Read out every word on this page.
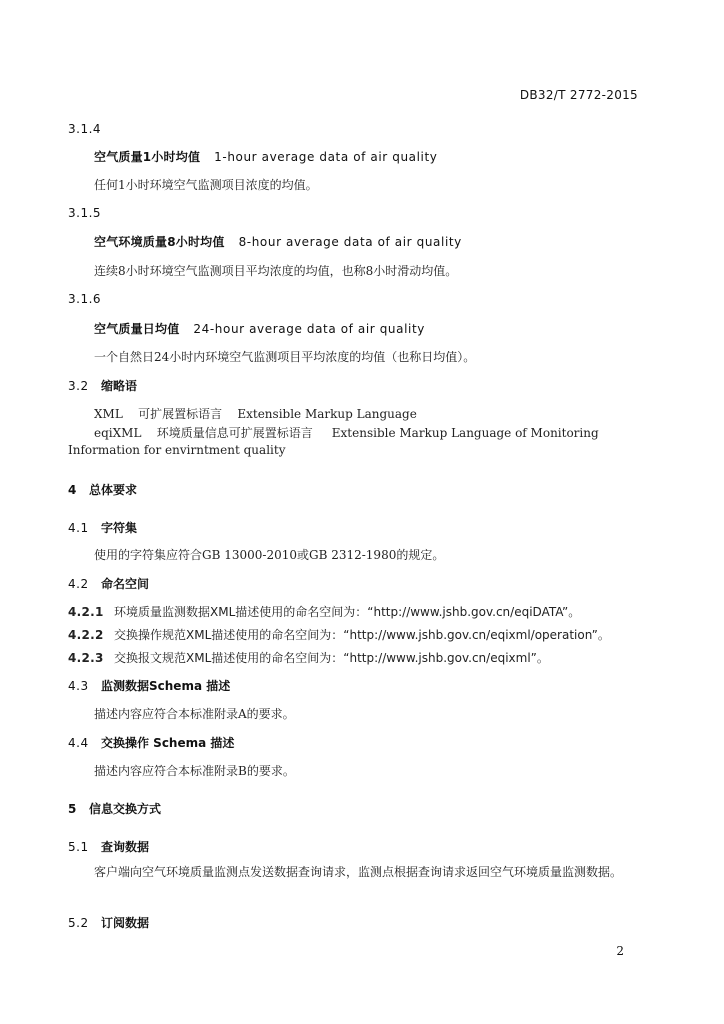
DB32/T 2772-2015
3.1.4
空气质量1小时均值 1-hour average data of air quality
任何1小时环境空气监测项目浓度的均值。
3.1.5
空气环境质量8小时均值 8-hour average data of air quality
连续8小时环境空气监测项目平均浓度的均值，也称8小时滑动均值。
3.1.6
空气质量日均值 24-hour average data of air quality
一个自然日24小时内环境空气监测项目平均浓度的均值（也称日均值）。
3.2 缩略语
XML 可扩展置标语言 Extensible Markup Language
eqiXML 环境质量信息可扩展置标语言 Extensible Markup Language of Monitoring
Information for envirntment quality
4 总体要求
4.1 字符集
使用的字符集应符合GB 13000-2010或GB 2312-1980的规定。
4.2 命名空间
4.2.1 环境质量监测数据XML描述使用的命名空间为：“http://www.jshb.gov.cn/eqiDATA”。
4.2.2 交换操作规范XML描述使用的命名空间为：“http://www.jshb.gov.cn/eqixml/operation”。
4.2.3 交换报文规范XML描述使用的命名空间为：“http://www.jshb.gov.cn/eqixml”。
4.3 监测数据Schema 描述
描述内容应符合本标准附录A的要求。
4.4 交换操作 Schema 描述
描述内容应符合本标准附录B的要求。
5 信息交换方式
5.1 查询数据
客户端向空气环境质量监测点发送数据查询请求，监测点根据查询请求返回空气环境质量监测数据。
5.2 订阅数据
2
